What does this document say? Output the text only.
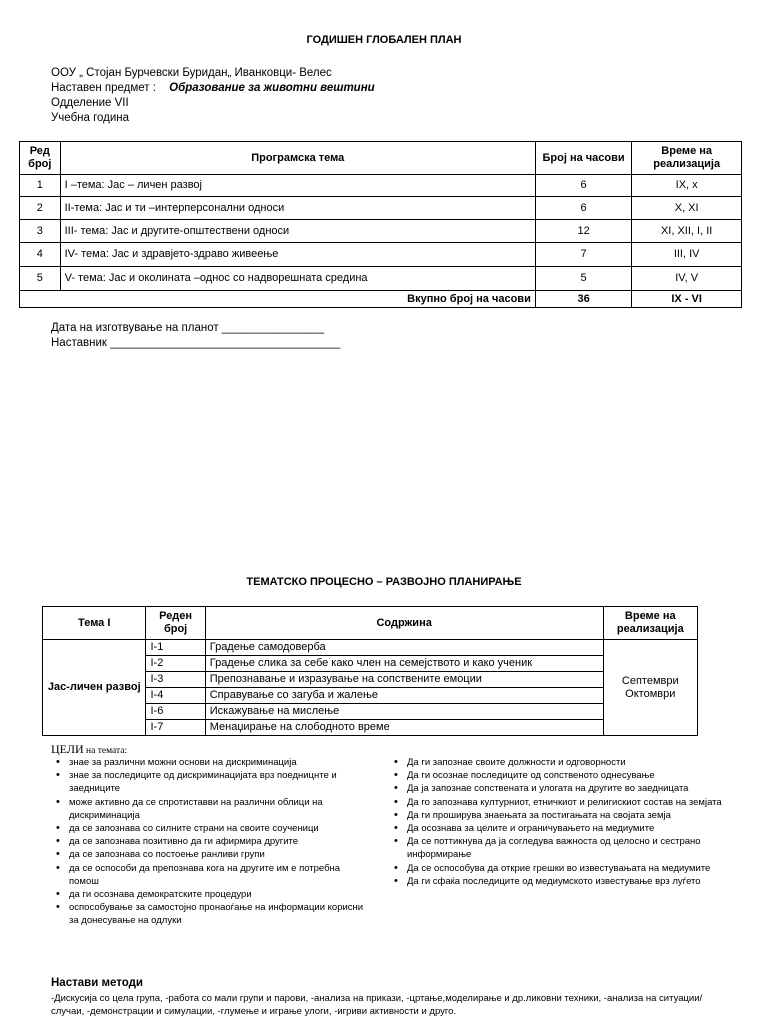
ГОДИШЕН ГЛОБАЛЕН ПЛАН
ООУ „ Стојан Бурчевски Буридан„ Иванковци- Велес
Наставен предмет : Образование за животни вештини
Одделение VII
Учебна година
Ред број	Програмска тема	Број на часови	Време на реализација
1	I –тема: Јас – личен развој	6	IX, x
2	II-тема: Јас и ти –интерперсонални односи	6	X, XI
3	III- тема: Јас и другите-општествени односи	12	XI, XII, I, II
4	IV- тема: Јас и здравјето-здраво живеење	7	III, IV
5	V- тема: Јас и околината –однос со надворешната средина	5	IV, V
Вкупно број на часови		36	IX - VI
Дата на изготвување на планот ________________
Наставник ____________________________________
ТЕМАТСКО ПРОЦЕСНО – РАЗВОЈНО ПЛАНИРАЊЕ
Тема I	Реден број	Содржина	Време на реализација
Јас-личен развој	I-1	Градење самодоверба	Септември
Октомври

	I-2	Градење слика за себе како член на семејството и како ученик	
	I-3	Препознавање и изразување на сопствените емоции	
	I-4	Справување со загуба и жалење	
	I-6	Искажување на мислење	
	I-7	Менаџирање на слободното време	
ЦЕЛИ на темата:
• знае за различни можни основи на дискриминација
• знае за последиците од дискриминацијата врз поедницнте и заедниците
• може активно да се спротиставви на различни облици на дискриминација
• да се запознава со силните страни на своите соученици
• да се запознава позитивно да ги афирмира другите
• да се запознава со постоење ранливи групи
• да се оспособи да препознава кога на другите им е потребна помош
• да ги осознава демократските процедури
• оспособување за самостојно пронаоѓање на информации корисни за донесување на одлуки
• Да ги запознае своите должности и одговорности
• Да ги осознае последиците од сопственото однесување
• Да ја запознае сопствената и улогата на другите во заедницата
• Да го запознава културниот, етничкиот и религискиот состав на земјата
• Да ги проширува знаењата за постигањата на својата земја
• Да осознава за целите и ограничувањето на медиумите
• Да се поттикнува да ја согледува важноста од целосно и сестрано информирање
• Да се оспособува да открие грешки во известувањата на медиумите
• Да ги сфаќа последиците од медиумското известување врз луѓето
Настави методи
-Дискусија со цела група, -работа со мали групи и парови, -анализа на прикази, -цртање,моделирање и др.ликовни техники, -анализа на ситуации/случаи, -демонстрации и симулации, -глумење и играње улоги, -игриви активности и друго.
